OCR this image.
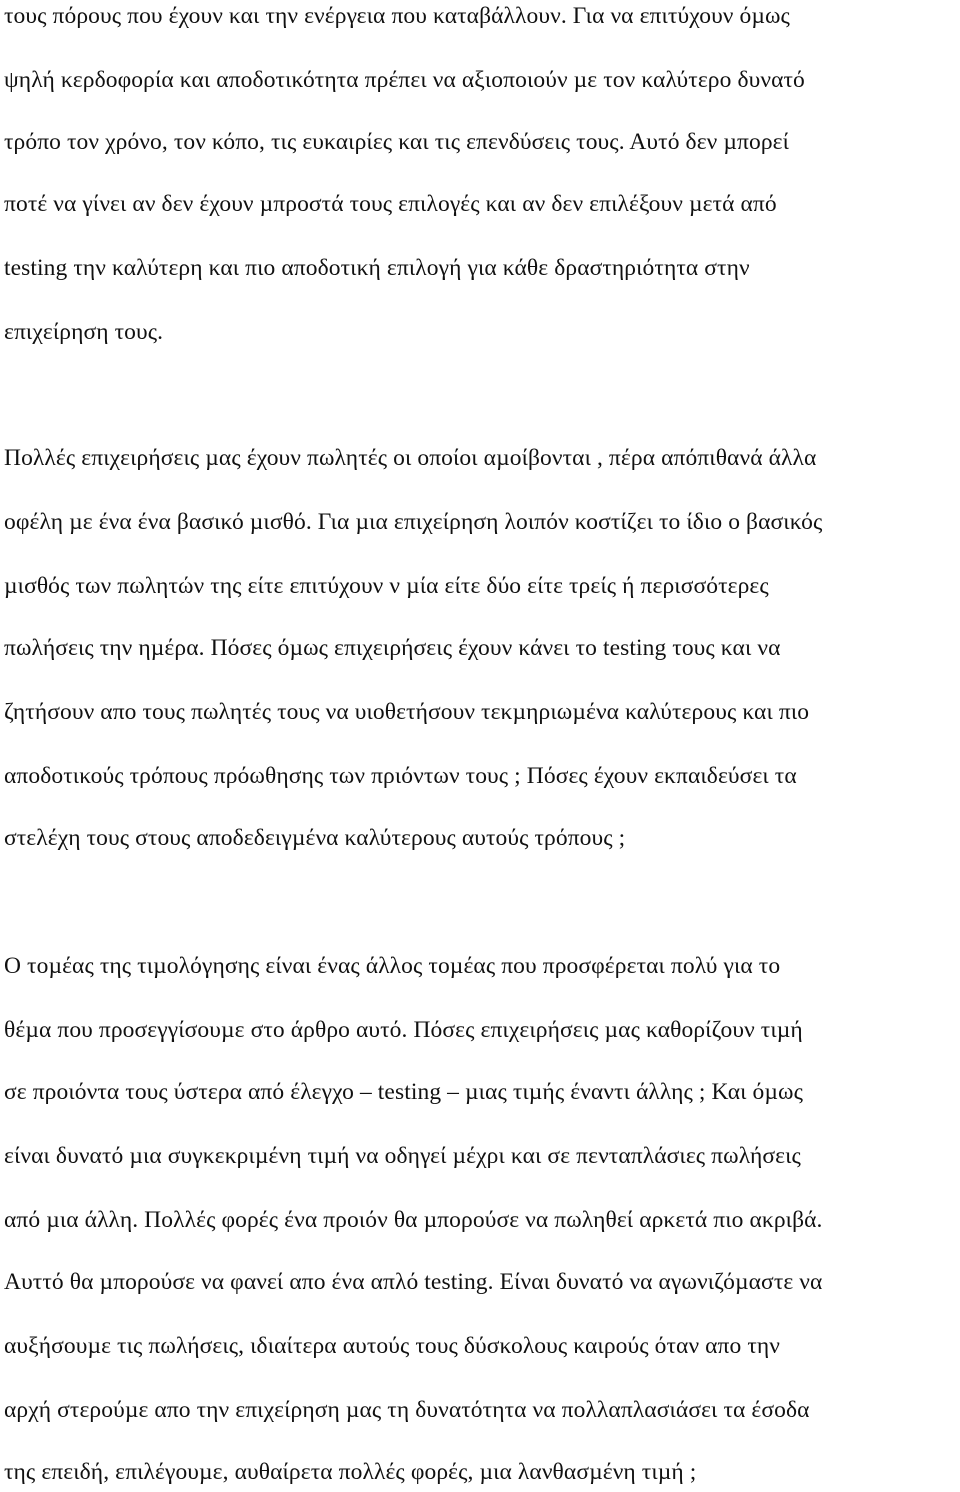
τους πόρους που έχουν και την ενέργεια που καταβάλλουν. Για να επιτύχουν όµως
ψηλή κερδοφορία και αποδοτικότητα πρέπει να αξιοποιούν µε τον καλύτερο δυνατό
τρόπο τον χρόνο, τον κόπο, τις ευκαιρίες και τις επενδύσεις τους. Αυτό δεν µπορεί
ποτέ να γίνει αν δεν έχουν µπροστά τους επιλογές και αν δεν επιλέξουν µετά από
testing την καλύτερη και πιο αποδοτική επιλογή για κάθε δραστηριότητα στην
επιχείρηση τους.
Πολλές επιχειρήσεις µας έχουν πωλητές οι οποίοι αµοίβονται , πέρα απόπιθανά άλλα
οφέλη µε ένα ένα βασικό µισθό. Για µια επιχείρηση λοιπόν κοστίζει το ίδιο ο βασικός
µισθός των πωλητών της είτε επιτύχουν ν µία είτε δύο είτε τρείς ή περισσότερες
πωλήσεις την ηµέρα. Πόσες όµως επιχειρήσεις έχουν κάνει το testing τους και να
ζητήσουν απο τους πωλητές τους να υιοθετήσουν τεκµηριωµένα καλύτερους και πιο
αποδοτικούς τρόπους πρόωθησης των πριόντων τους ; Πόσες έχουν εκπαιδεύσει τα
στελέχη τους στους αποδεδειγµένα καλύτερους αυτούς τρόπους ;
Ο τοµέας της τιµολόγησης είναι ένας άλλος τοµέας που προσφέρεται πολύ για το
θέµα που προσεγγίσουµε στο άρθρο αυτό. Πόσες επιχειρήσεις µας καθορίζουν τιµή
σε προιόντα τους ύστερα από έλεγχο – testing – µιας τιµής έναντι άλλης ; Και όµως
είναι δυνατό µια συγκεκριµένη τιµή να οδηγεί µέχρι και σε πενταπλάσιες πωλήσεις
από µια άλλη. Πολλές φορές ένα προιόν θα µπορούσε να πωληθεί αρκετά πιο ακριβά.
Αυττό θα µπορούσε να φανεί απο ένα απλό testing. Είναι δυνατό να αγωνιζόµαστε να
αυξήσουµε τις πωλήσεις, ιδιαίτερα αυτούς τους δύσκολους καιρούς όταν απο την
αρχή στερούµε απο την επιχείρηση µας τη δυνατότητα να πολλαπλασιάσει τα έσοδα
της επειδή, επιλέγουµε, αυθαίρετα πολλές φορές, µια λανθασµένη τιµή ;
